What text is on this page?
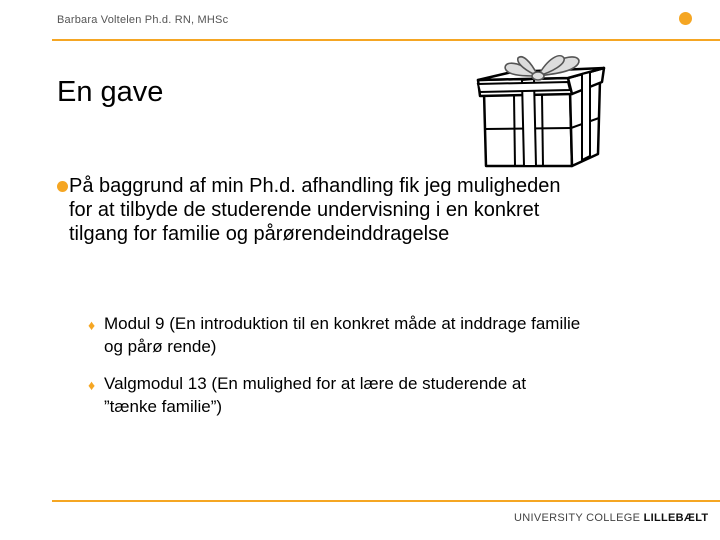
Barbara Voltelen Ph.d. RN, MHSc
En gave
På baggrund af min Ph.d. afhandling fik jeg muligheden
for at tilbyde de studerende undervisning i en konkret
tilgang for familie og pårørendeinddragelse
♦ Modul 9 (En introduktion til en konkret måde at inddrage familie
og pårø rende)
♦ Valgmodul 13 (En mulighed for at lære de studerende at
”tænke familie”)
UNIVERSITY COLLEGE LILLEBÆLT
